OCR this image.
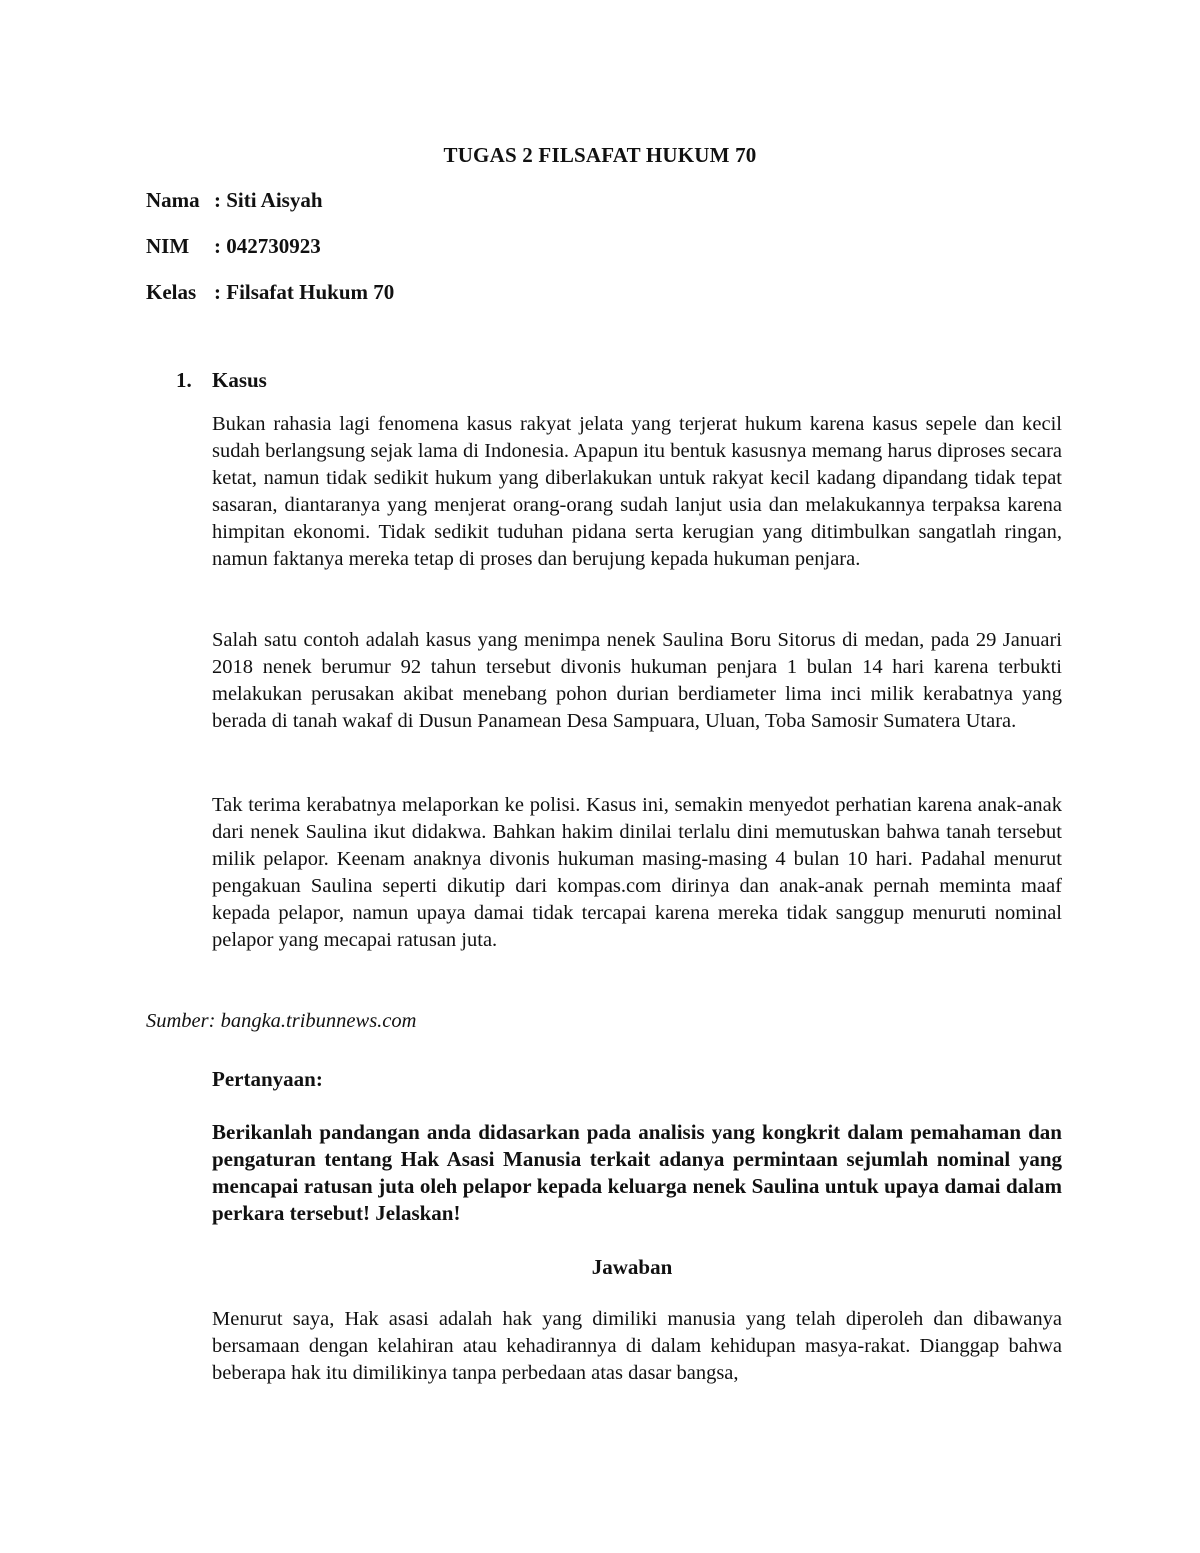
TUGAS 2 FILSAFAT HUKUM 70
Nama : Siti Aisyah
NIM : 042730923
Kelas : Filsafat Hukum 70
1. Kasus
Bukan rahasia lagi fenomena kasus rakyat jelata yang terjerat hukum karena kasus sepele dan kecil sudah berlangsung sejak lama di Indonesia. Apapun itu bentuk kasusnya memang harus diproses secara ketat, namun tidak sedikit hukum yang diberlakukan untuk rakyat kecil kadang dipandang tidak tepat sasaran, diantaranya yang menjerat orang-orang sudah lanjut usia dan melakukannya terpaksa karena himpitan ekonomi. Tidak sedikit tuduhan pidana serta kerugian yang ditimbulkan sangatlah ringan, namun faktanya mereka tetap di proses dan berujung kepada hukuman penjara.
Salah satu contoh adalah kasus yang menimpa nenek Saulina Boru Sitorus di medan, pada 29 Januari 2018 nenek berumur 92 tahun tersebut divonis hukuman penjara 1 bulan 14 hari karena terbukti melakukan perusakan akibat menebang pohon durian berdiameter lima inci milik kerabatnya yang berada di tanah wakaf di Dusun Panamean Desa Sampuara, Uluan, Toba Samosir Sumatera Utara.
Tak terima kerabatnya melaporkan ke polisi. Kasus ini, semakin menyedot perhatian karena anak-anak dari nenek Saulina ikut didakwa. Bahkan hakim dinilai terlalu dini memutuskan bahwa tanah tersebut milik pelapor. Keenam anaknya divonis hukuman masing-masing 4 bulan 10 hari. Padahal menurut pengakuan Saulina seperti dikutip dari kompas.com dirinya dan anak-anak pernah meminta maaf kepada pelapor, namun upaya damai tidak tercapai karena mereka tidak sanggup menuruti nominal pelapor yang mecapai ratusan juta.
Sumber: bangka.tribunnews.com
Pertanyaan:
Berikanlah pandangan anda didasarkan pada analisis yang kongkrit dalam pemahaman dan pengaturan tentang Hak Asasi Manusia terkait adanya permintaan sejumlah nominal yang mencapai ratusan juta oleh pelapor kepada keluarga nenek Saulina untuk upaya damai dalam perkara tersebut! Jelaskan!
Jawaban
Menurut saya, Hak asasi adalah hak yang dimiliki manusia yang telah diperoleh dan dibawanya bersamaan dengan kelahiran atau kehadirannya di dalam kehidupan masya-rakat. Dianggap bahwa beberapa hak itu dimilikinya tanpa perbedaan atas dasar bangsa,
